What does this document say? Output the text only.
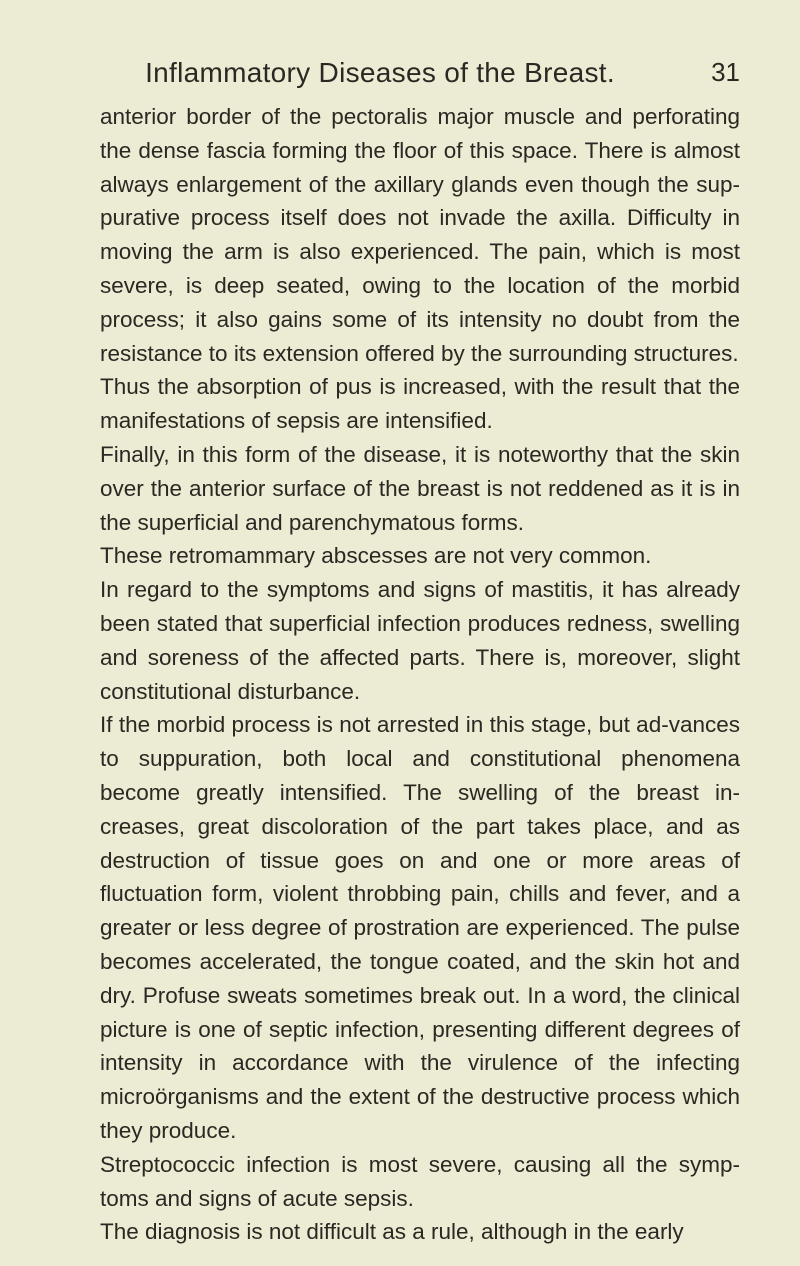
Inflammatory Diseases of the Breast.	31

anterior border of the pectoralis major muscle and perforating the dense fascia forming the floor of this space. There is almost always enlargement of the axillary glands even though the sup-purative process itself does not invade the axilla. Difficulty in moving the arm is also experienced. The pain, which is most severe, is deep seated, owing to the location of the morbid process; it also gains some of its intensity no doubt from the resistance to its extension offered by the surrounding structures.

Thus the absorption of pus is increased, with the result that the manifestations of sepsis are intensified.

Finally, in this form of the disease, it is noteworthy that the skin over the anterior surface of the breast is not reddened as it is in the superficial and parenchymatous forms.

These retromammary abscesses are not very common.

In regard to the symptoms and signs of mastitis, it has already been stated that superficial infection produces redness, swelling and soreness of the affected parts. There is, moreover, slight constitutional disturbance.

If the morbid process is not arrested in this stage, but ad-vances to suppuration, both local and constitutional phenomena become greatly intensified. The swelling of the breast in-creases, great discoloration of the part takes place, and as destruction of tissue goes on and one or more areas of fluctuation form, violent throbbing pain, chills and fever, and a greater or less degree of prostration are experienced. The pulse becomes accelerated, the tongue coated, and the skin hot and dry. Profuse sweats sometimes break out. In a word, the clinical picture is one of septic infection, presenting different degrees of intensity in accordance with the virulence of the infecting microörganisms and the extent of the destructive process which they produce.

Streptococcic infection is most severe, causing all the symp-toms and signs of acute sepsis.

The diagnosis is not difficult as a rule, although in the early
